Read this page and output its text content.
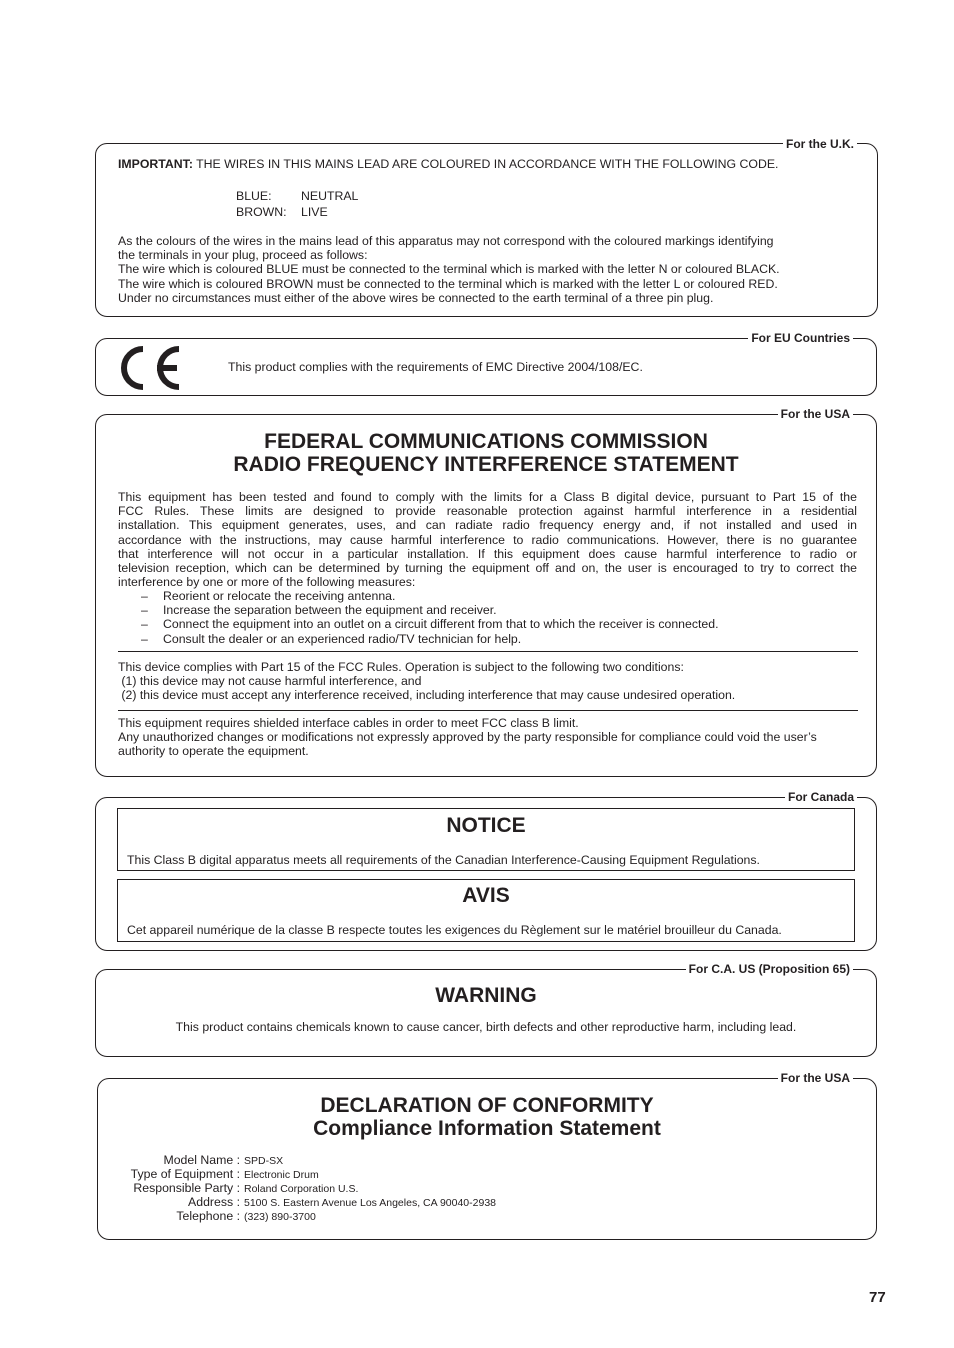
For the U.K.
IMPORTANT: THE WIRES IN THIS MAINS LEAD ARE COLOURED IN ACCORDANCE WITH THE FOLLOWING CODE.
BLUE: NEUTRAL
BROWN: LIVE
As the colours of the wires in the mains lead of this apparatus may not correspond with the coloured markings identifying
the terminals in your plug, proceed as follows:
The wire which is coloured BLUE must be connected to the terminal which is marked with the letter N or coloured BLACK.
The wire which is coloured BROWN must be connected to the terminal which is marked with the letter L or coloured RED.
Under no circumstances must either of the above wires be connected to the earth terminal of a three pin plug.
For EU Countries
This product complies with the requirements of EMC Directive 2004/108/EC.
For the USA
FEDERAL COMMUNICATIONS COMMISSION
RADIO FREQUENCY INTERFERENCE STATEMENT
This equipment has been tested and found to comply with the limits for a Class B digital device, pursuant to Part 15 of the
FCC Rules. These limits are designed to provide reasonable protection against harmful interference in a residential
installation. This equipment generates, uses, and can radiate radio frequency energy and, if not installed and used in
accordance with the instructions, may cause harmful interference to radio communications. However, there is no guarantee
that interference will not occur in a particular installation. If this equipment does cause harmful interference to radio or
television reception, which can be determined by turning the equipment off and on, the user is encouraged to try to correct the
interference by one or more of the following measures:
– Reorient or relocate the receiving antenna.
– Increase the separation between the equipment and receiver.
– Connect the equipment into an outlet on a circuit different from that to which the receiver is connected.
– Consult the dealer or an experienced radio/TV technician for help.
This device complies with Part 15 of the FCC Rules. Operation is subject to the following two conditions:
(1) this device may not cause harmful interference, and
(2) this device must accept any interference received, including interference that may cause undesired operation.
This equipment requires shielded interface cables in order to meet FCC class B limit.
Any unauthorized changes or modifications not expressly approved by the party responsible for compliance could void the user’s
authority to operate the equipment.
For Canada
NOTICE
This Class B digital apparatus meets all requirements of the Canadian Interference-Causing Equipment Regulations.
AVIS
Cet appareil numérique de la classe B respecte toutes les exigences du Règlement sur le matériel brouilleur du Canada.
For C.A. US (Proposition 65)
WARNING
This product contains chemicals known to cause cancer, birth defects and other reproductive harm, including lead.
For the USA
DECLARATION OF CONFORMITY
Compliance Information Statement
Model Name : SPD-SX
Type of Equipment : Electronic Drum
Responsible Party : Roland Corporation U.S.
Address : 5100 S. Eastern Avenue Los Angeles, CA 90040-2938
Telephone : (323) 890-3700
77
